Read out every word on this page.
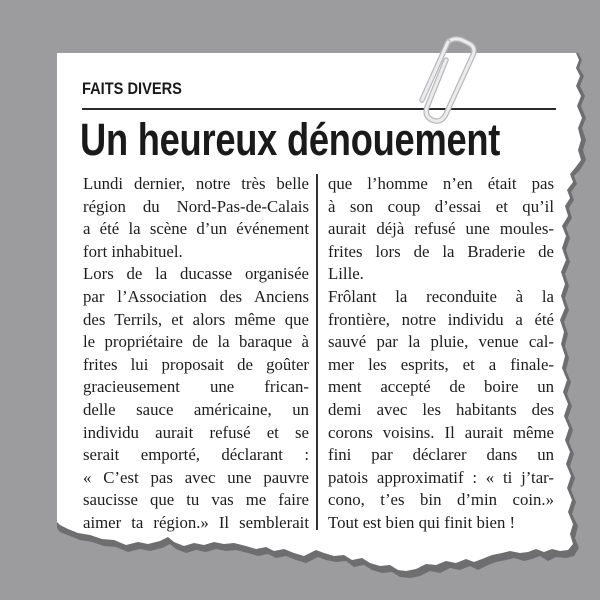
FAITS DIVERS
Un heureux dénouement
Lundi dernier, notre très belle
région du Nord-Pas-de-Calais
a été la scène d’un événement
fort inhabituel.
Lors de la ducasse organisée
par l’Association des Anciens
des Terrils, et alors même que
le propriétaire de la baraque à
frites lui proposait de goûter
gracieusement une frican-
delle sauce américaine, un
individu aurait refusé et se
serait emporté, déclarant :
« C’est pas avec une pauvre
saucisse que tu vas me faire
aimer ta région.» Il semblerait
que l’homme n’en était pas
à son coup d’essai et qu’il
aurait déjà refusé une moules-
frites lors de la Braderie de
Lille.
Frôlant la reconduite à la
frontière, notre individu a été
sauvé par la pluie, venue cal-
mer les esprits, et a finale-
ment accepté de boire un
demi avec les habitants des
corons voisins. Il aurait même
fini par déclarer dans un
patois approximatif : « ti j’tar-
cono, t’es bin d’min coin.»
Tout est bien qui finit bien !
